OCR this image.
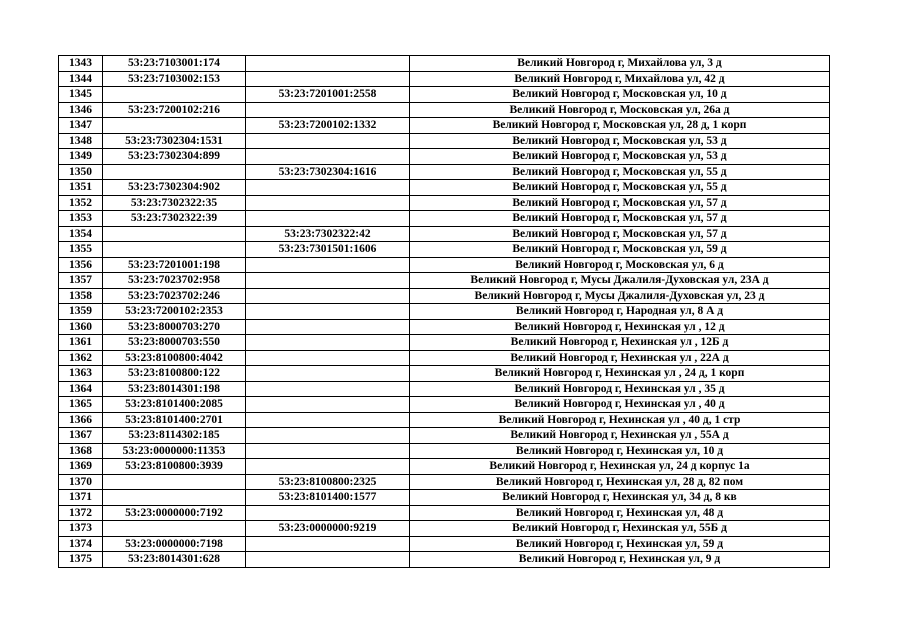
1343	53:23:7103001:174		Великий Новгород г, Михайлова ул, 3 д
1344	53:23:7103002:153		Великий Новгород г, Михайлова ул, 42 д
1345		53:23:7201001:2558	Великий Новгород г, Московская ул, 10 д
1346	53:23:7200102:216		Великий Новгород г, Московская ул, 26а д
1347		53:23:7200102:1332	Великий Новгород г, Московская ул, 28 д, 1 корп
1348	53:23:7302304:1531		Великий Новгород г, Московская ул, 53 д
1349	53:23:7302304:899		Великий Новгород г, Московская ул, 53 д
1350		53:23:7302304:1616	Великий Новгород г, Московская ул, 55 д
1351	53:23:7302304:902		Великий Новгород г, Московская ул, 55 д
1352	53:23:7302322:35		Великий Новгород г, Московская ул, 57 д
1353	53:23:7302322:39		Великий Новгород г, Московская ул, 57 д
1354		53:23:7302322:42	Великий Новгород г, Московская ул, 57 д
1355		53:23:7301501:1606	Великий Новгород г, Московская ул, 59 д
1356	53:23:7201001:198		Великий Новгород г, Московская ул, 6 д
1357	53:23:7023702:958		Великий Новгород г, Мусы Джалиля-Духовская ул, 23А д
1358	53:23:7023702:246		Великий Новгород г, Мусы Джалиля-Духовская ул, 23 д
1359	53:23:7200102:2353		Великий Новгород г, Народная ул, 8 А д
1360	53:23:8000703:270		Великий Новгород г, Нехинская ул , 12 д
1361	53:23:8000703:550		Великий Новгород г, Нехинская ул , 12Б д
1362	53:23:8100800:4042		Великий Новгород г, Нехинская ул , 22А д
1363	53:23:8100800:122		Великий Новгород г, Нехинская ул , 24 д, 1 корп
1364	53:23:8014301:198		Великий Новгород г, Нехинская ул , 35 д
1365	53:23:8101400:2085		Великий Новгород г, Нехинская ул , 40 д
1366	53:23:8101400:2701		Великий Новгород г, Нехинская ул , 40 д, 1 стр
1367	53:23:8114302:185		Великий Новгород г, Нехинская ул , 55А д
1368	53:23:0000000:11353		Великий Новгород г, Нехинская ул, 10 д
1369	53:23:8100800:3939		Великий Новгород г, Нехинская ул, 24 д корпус 1а
1370		53:23:8100800:2325	Великий Новгород г, Нехинская ул, 28 д, 82 пом
1371		53:23:8101400:1577	Великий Новгород г, Нехинская ул, 34 д, 8 кв
1372	53:23:0000000:7192		Великий Новгород г, Нехинская ул, 48 д
1373		53:23:0000000:9219	Великий Новгород г, Нехинская ул, 55Б д
1374	53:23:0000000:7198		Великий Новгород г, Нехинская ул, 59 д
1375	53:23:8014301:628		Великий Новгород г, Нехинская ул, 9 д
